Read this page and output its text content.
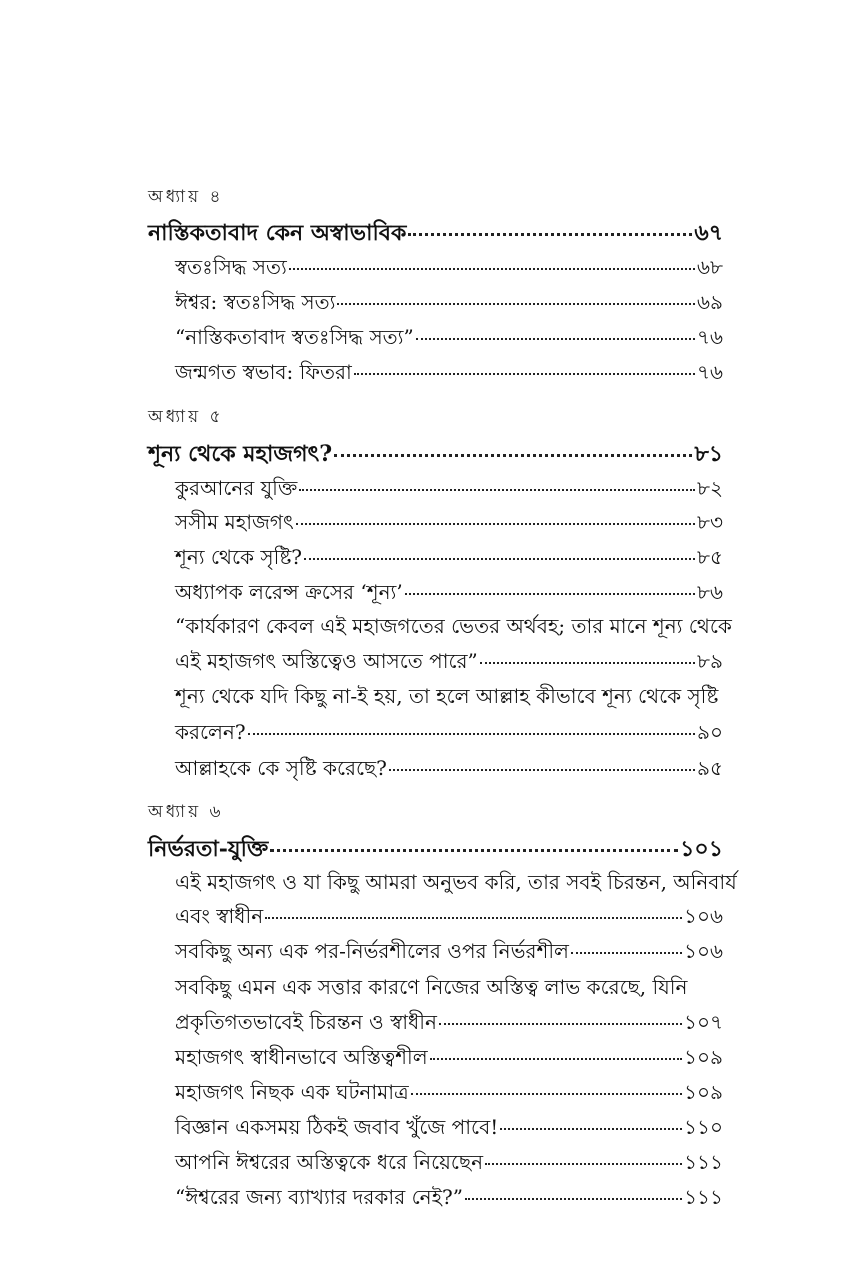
অধ্যায় ৪
নাস্তিকতাবাদ কেন অস্বাভাবিক	৬৭
স্বতঃসিদ্ধ সত্য	৬৮
ঈশ্বর: স্বতঃসিদ্ধ সত্য	৬৯
“নাস্তিকতাবাদ স্বতঃসিদ্ধ সত্য”	৭৬
জন্মগত স্বভাব: ফিতরা	৭৬
অধ্যায় ৫
শূন্য থেকে মহাজগৎ?	৮১
কুরআনের যুক্তি	৮২
সসীম মহাজগৎ	৮৩
শূন্য থেকে সৃষ্টি?	৮৫
অধ্যাপক লরেন্স ক্রসের ‘শূন্য’	৮৬
“কার্যকারণ কেবল এই মহাজগতের ভেতর অর্থবহ; তার মানে শূন্য থেকে
এই মহাজগৎ অস্তিত্বেও আসতে পারে”	৮৯
শূন্য থেকে যদি কিছু না-ই হয়, তা হলে আল্লাহ কীভাবে শূন্য থেকে সৃষ্টি
করলেন?	৯০
আল্লাহকে কে সৃষ্টি করেছে?	৯৫
অধ্যায় ৬
নির্ভরতা-যুক্তি	১০১
এই মহাজগৎ ও যা কিছু আমরা অনুভব করি, তার সবই চিরন্তন, অনিবার্য
এবং স্বাধীন	১০৬
সবকিছু অন্য এক পর-নির্ভরশীলের ওপর নির্ভরশীল	১০৬
সবকিছু এমন এক সত্তার কারণে নিজের অস্তিত্ব লাভ করেছে, যিনি
প্রকৃতিগতভাবেই চিরন্তন ও স্বাধীন	১০৭
মহাজগৎ স্বাধীনভাবে অস্তিত্বশীল	১০৯
মহাজগৎ নিছক এক ঘটনামাত্র	১০৯
বিজ্ঞান একসময় ঠিকই জবাব খুঁজে পাবে!	১১০
আপনি ঈশ্বরের অস্তিত্বকে ধরে নিয়েছেন	১১১
“ঈশ্বরের জন্য ব্যাখ্যার দরকার নেই?”	১১১
